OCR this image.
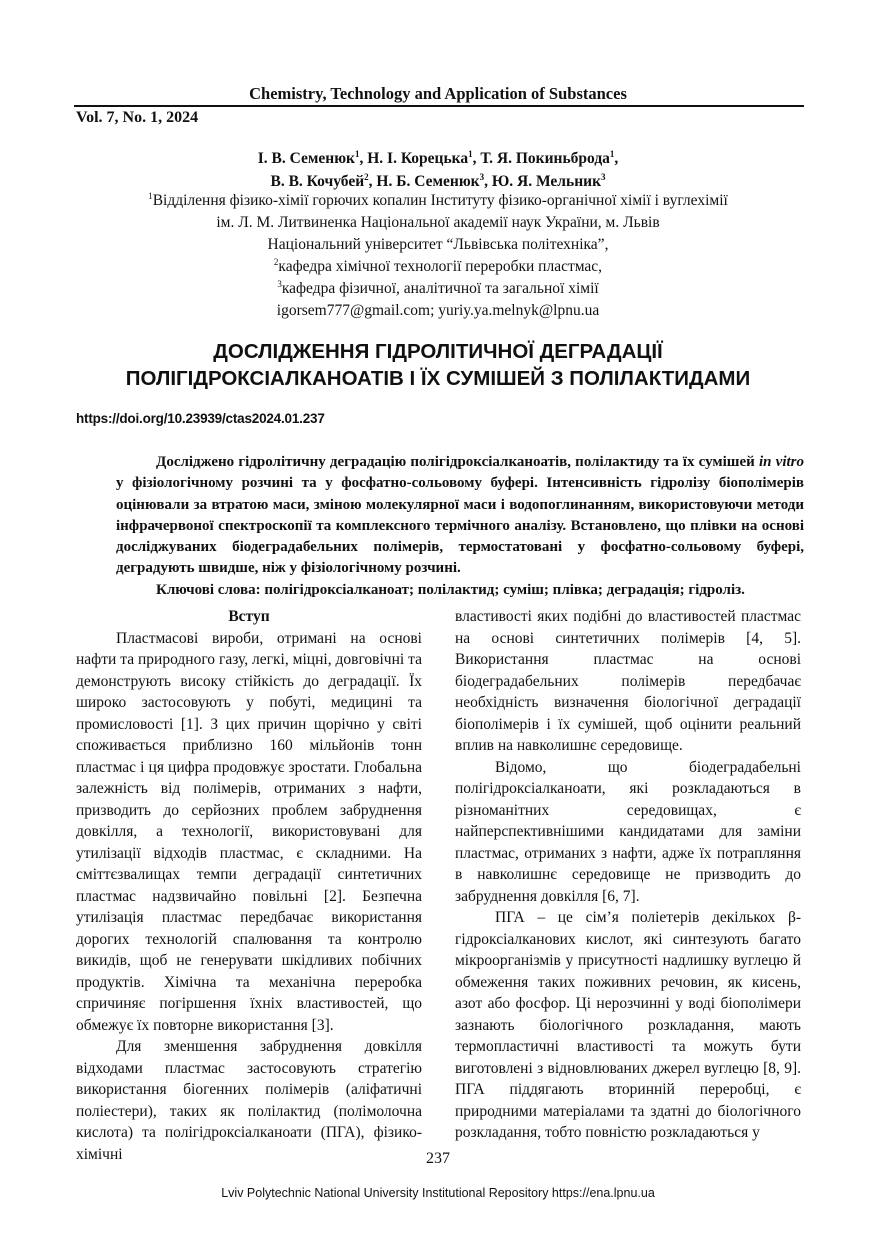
Chemistry, Technology and Application of Substances
Vol. 7, No. 1, 2024
І. В. Семенюк$^1$, Н. І. Корецька$^1$, Т. Я. Покиньброда$^1$,
В. В. Кочубей$^2$, Н. Б. Семенюк$^3$, Ю. Я. Мельник$^3$
$^1$Відділення фізико-хімії горючих копалин Інституту фізико-органічної хімії і вуглехімії
ім. Л. М. Литвиненка Національної академії наук України, м. Львів
Національний університет “Львівська політехніка”,
$^2$кафедра хімічної технології переробки пластмас,
$^3$кафедра фізичної, аналітичної та загальної хімії
igorsem777@gmail.com; yuriy.ya.melnyk@lpnu.ua
ДОСЛІДЖЕННЯ ГІДРОЛІТИЧНОЇ ДЕГРАДАЦІЇ
ПОЛІГІДРОКСІАЛКАНОАТІВ І ЇХ СУМІШЕЙ З ПОЛІЛАКТИДАМИ
https://doi.org/10.23939/ctas2024.01.237

Досліджено гідролітичну деградацію полігідроксіалканоатів, полілактиду та їх сумішей in vitro у фізіологічному розчині та у фосфатно-сольовому буфері. Інтенсивність гідролізу біополімерів оцінювали за втратою маси, зміною молекулярної маси і водопоглинанням, використовуючи методи інфрачервоної спектроскопії та комплексного термічного аналізу. Встановлено, що плівки на основі досліджуваних біодеградабельних полімерів, термостатовані у фосфатно-сольовому буфері, деградують швидше, ніж у фізіологічному розчині.

Ключові слова: полігідроксіалканоат; полілактид; суміш; плівка; деградація; гідроліз.

Вступ

Пластмасові вироби, отримані на основі нафти та природного газу, легкі, міцні, довговічні та демонструють високу стійкість до деградації. Їх широко застосовують у побуті, медицині та промисловості [1]. З цих причин щорічно у світі споживається приблизно 160 мільйонів тонн пластмас і ця цифра продовжує зростати. Глобальна залежність від полімерів, отриманих з нафти, призводить до серйозних проблем забруднення довкілля, а технології, використовувані для утилізації відходів пластмас, є складними. На сміттєзвалищах темпи деградації синтетичних пластмас надзвичайно повільні [2]. Безпечна утилізація пластмас передбачає використання дорогих технологій спалювання та контролю викидів, щоб не генерувати шкідливих побічних продуктів. Хімічна та механічна переробка спричиняє погіршення їхніх властивостей, що обмежує їх повторне використання [3].

Для зменшення забруднення довкілля відходами пластмас застосовують стратегію використання біогенних полімерів (аліфатичні поліестери), таких як полілактид (полімолочна кислота) та полігідроксіалканоати (ПГА), фізико-хімічні

властивості яких подібні до властивостей пластмас на основі синтетичних полімерів [4, 5]. Використання пластмас на основі біодеградабельних полімерів передбачає необхідність визначення біологічної деградації біополімерів і їх сумішей, щоб оцінити реальний вплив на навколишнє середовище.

Відомо, що біодеградабельні полігідроксіалканоати, які розкладаються в різноманітних середовищах, є найперспективнішими кандидатами для заміни пластмас, отриманих з нафти, адже їх потрапляння в навколишнє середовище не призводить до забруднення довкілля [6, 7].

ПГА – це сім’я поліетерів декількох β-гідроксіалканових кислот, які синтезують багато мікроорганізмів у присутності надлишку вуглецю й обмеження таких поживних речовин, як кисень, азот або фосфор. Ці нерозчинні у воді біополімери зазнають біологічного розкладання, мають термопластичні властивості та можуть бути виготовлені з відновлюваних джерел вуглецю [8, 9]. ПГА піддягають вторинній переробці, є природними матеріалами та здатні до біологічного розкладання, тобто повністю розкладаються у

237
Lviv Polytechnic National University Institutional Repository https://ena.lpnu.ua
